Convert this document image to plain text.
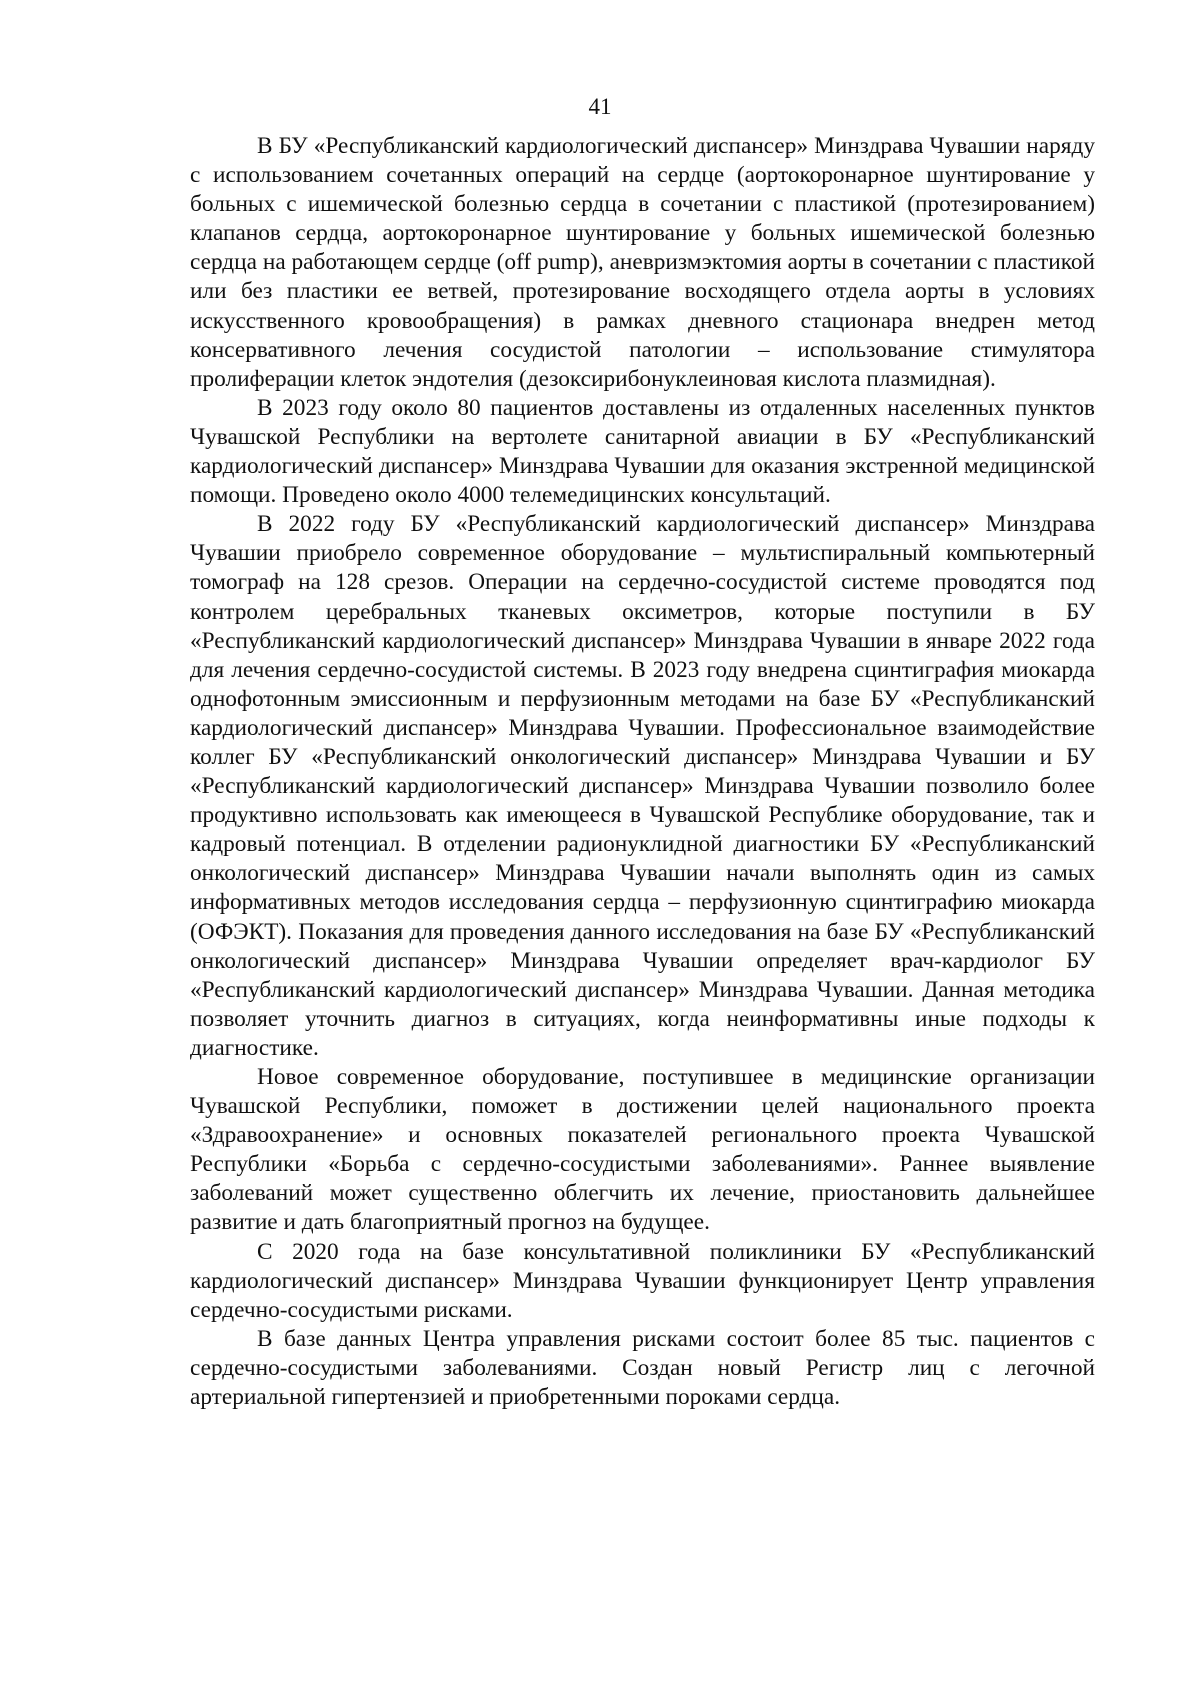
41

В БУ «Республиканский кардиологический диспансер» Минздрава Чувашии наряду с использованием сочетанных операций на сердце (аортокоронарное шунтирование у больных с ишемической болезнью сердца в сочетании с пластикой (протезированием) клапанов сердца, аортокоронарное шунтирование у больных ишемической болезнью сердца на работающем сердце (off pump), аневризмэктомия аорты в сочетании с пластикой или без пластики ее ветвей, протезирование восходящего отдела аорты в условиях искусственного кровообращения) в рамках дневного стационара внедрен метод консервативного лечения сосудистой патологии – использование стимулятора пролиферации клеток эндотелия (дезоксирибонуклеиновая кислота плазмидная).

В 2023 году около 80 пациентов доставлены из отдаленных населенных пунктов Чувашской Республики на вертолете санитарной авиации в БУ «Республиканский кардиологический диспансер» Минздрава Чувашии для оказания экстренной медицинской помощи. Проведено около 4000 телемедицинских консультаций.

В 2022 году БУ «Республиканский кардиологический диспансер» Минздрава Чувашии приобрело современное оборудование – мультиспиральный компьютерный томограф на 128 срезов. Операции на сердечно-сосудистой системе проводятся под контролем церебральных тканевых оксиметров, которые поступили в БУ «Республиканский кардиологический диспансер» Минздрава Чувашии в январе 2022 года для лечения сердечно-сосудистой системы. В 2023 году внедрена сцинтиграфия миокарда однофотонным эмиссионным и перфузионным методами на базе БУ «Республиканский кардиологический диспансер» Минздрава Чувашии. Профессиональное взаимодействие коллег БУ «Республиканский онкологический диспансер» Минздрава Чувашии и БУ «Республиканский кардиологический диспансер» Минздрава Чувашии позволило более продуктивно использовать как имеющееся в Чувашской Республике оборудование, так и кадровый потенциал. В отделении радионуклидной диагностики БУ «Республиканский онкологический диспансер» Минздрава Чувашии начали выполнять один из самых информативных методов исследования сердца – перфузионную сцинтиграфию миокарда (ОФЭКТ). Показания для проведения данного исследования на базе БУ «Республиканский онкологический диспансер» Минздрава Чувашии определяет врач-кардиолог БУ «Республиканский кардиологический диспансер» Минздрава Чувашии. Данная методика позволяет уточнить диагноз в ситуациях, когда неинформативны иные подходы к диагностике.

Новое современное оборудование, поступившее в медицинские организации Чувашской Республики, поможет в достижении целей национального проекта «Здравоохранение» и основных показателей регионального проекта Чувашской Республики «Борьба с сердечно-сосудистыми заболеваниями». Раннее выявление заболеваний может существенно облегчить их лечение, приостановить дальнейшее развитие и дать благоприятный прогноз на будущее.

С 2020 года на базе консультативной поликлиники БУ «Республиканский кардиологический диспансер» Минздрава Чувашии функционирует Центр управления сердечно-сосудистыми рисками.

В базе данных Центра управления рисками состоит более 85 тыс. пациентов с сердечно-сосудистыми заболеваниями. Создан новый Регистр лиц с легочной артериальной гипертензией и приобретенными пороками сердца.
